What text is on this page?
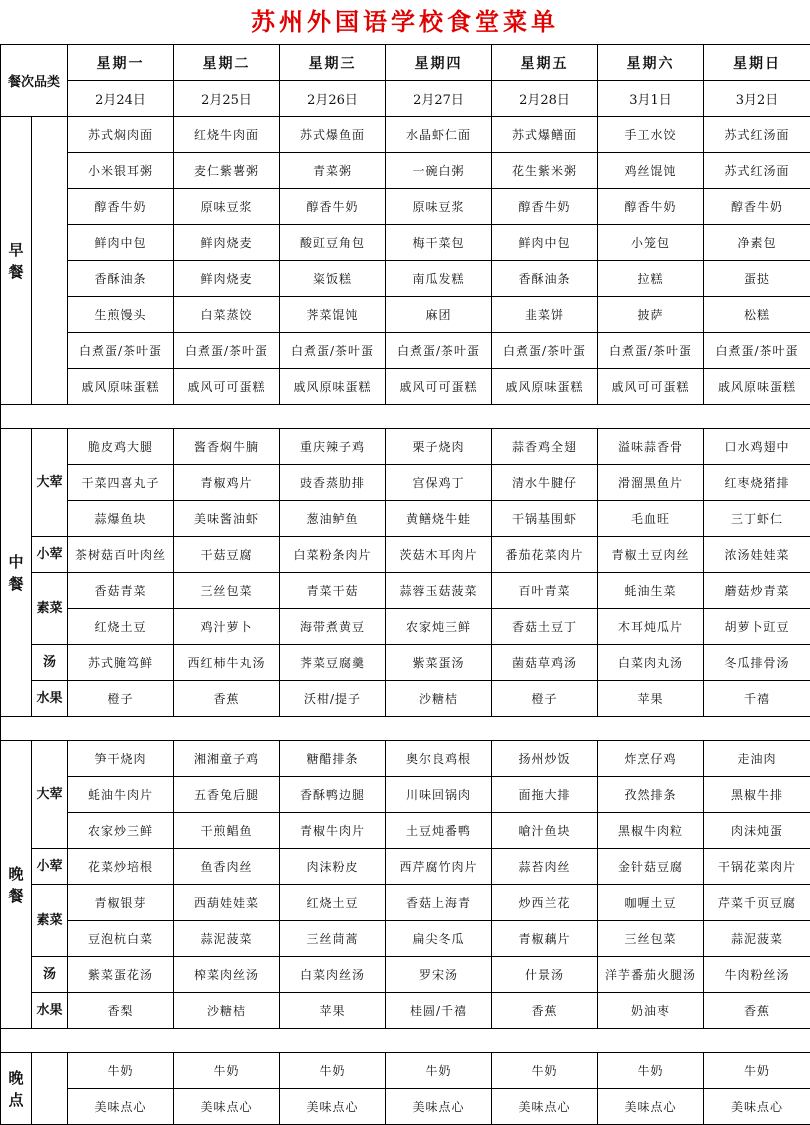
苏州外国语学校食堂菜单
餐次品类		星期一	星期二	星期三	星期四	星期五	星期六	星期日
		2月24日	2月25日	2月26日	2月27日	2月28日	3月1日	3月2日
早
餐		苏式焖肉面	红烧牛肉面	苏式爆鱼面	水晶虾仁面	苏式爆鳝面	手工水饺	苏式红汤面
		小米银耳粥	麦仁紫薯粥	青菜粥	一碗白粥	花生紫米粥	鸡丝馄饨	苏式红汤面
		醇香牛奶	原味豆浆	醇香牛奶	原味豆浆	醇香牛奶	醇香牛奶	醇香牛奶
		鲜肉中包	鲜肉烧麦	酸豇豆角包	梅干菜包	鲜肉中包	小笼包	净素包
		香酥油条	鲜肉烧麦	粢饭糕	南瓜发糕	香酥油条	拉糕	蛋挞
		生煎馒头	白菜蒸饺	荠菜馄饨	麻团	韭菜饼	披萨	松糕
		白煮蛋/茶叶蛋	白煮蛋/茶叶蛋	白煮蛋/茶叶蛋	白煮蛋/茶叶蛋	白煮蛋/茶叶蛋	白煮蛋/茶叶蛋	白煮蛋/茶叶蛋
		戚风原味蛋糕	戚风可可蛋糕	戚风原味蛋糕	戚风可可蛋糕	戚风原味蛋糕	戚风可可蛋糕	戚风原味蛋糕

中
餐	大荤	脆皮鸡大腿	酱香焖牛腩	重庆辣子鸡	栗子烧肉	蒜香鸡全翅	溢味蒜香骨	口水鸡翅中
		干菜四喜丸子	青椒鸡片	豉香蒸肋排	宫保鸡丁	清水牛腱仔	滑溜黑鱼片	红枣烧猪排
		蒜爆鱼块	美味酱油虾	葱油鲈鱼	黄鳝烧牛蛙	干锅基围虾	毛血旺	三丁虾仁
	小荤	茶树菇百叶肉丝	干菇豆腐	白菜粉条肉片	茨菇木耳肉片	番茄花菜肉片	青椒土豆肉丝	浓汤娃娃菜
	素菜	香菇青菜	三丝包菜	青菜干菇	蒜蓉玉菇菠菜	百叶青菜	蚝油生菜	蘑菇炒青菜
		红烧土豆	鸡汁萝卜	海带煮黄豆	农家炖三鲜	香菇土豆丁	木耳炖瓜片	胡萝卜豇豆
	汤	苏式腌笃鲜	西红柿牛丸汤	荠菜豆腐羹	紫菜蛋汤	菌菇草鸡汤	白菜肉丸汤	冬瓜排骨汤
	水果	橙子	香蕉	沃柑/提子	沙糖桔	橙子	苹果	千禧

晚
餐	大荤	笋干烧肉	湘湘童子鸡	糖醋排条	奥尔良鸡根	扬州炒饭	炸烹仔鸡	走油肉
		蚝油牛肉片	五香兔后腿	香酥鸭边腿	川味回锅肉	面拖大排	孜然排条	黑椒牛排
		农家炒三鲜	干煎鲳鱼	青椒牛肉片	土豆炖番鸭	嗆汁鱼块	黑椒牛肉粒	肉沫炖蛋
	小荤	花菜炒培根	鱼香肉丝	肉沫粉皮	西芹腐竹肉片	蒜苔肉丝	金针菇豆腐	干锅花菜肉片
	素菜	青椒银芽	西葫娃娃菜	红烧土豆	香菇上海青	炒西兰花	咖喱土豆	芹菜千页豆腐
		豆泡杭白菜	蒜泥菠菜	三丝茼蒿	扁尖冬瓜	青椒藕片	三丝包菜	蒜泥菠菜
	汤	紫菜蛋花汤	榨菜肉丝汤	白菜肉丝汤	罗宋汤	什景汤	洋芋番茄火腿汤	牛肉粉丝汤
	水果	香梨	沙糖桔	苹果	桂圆/千禧	香蕉	奶油枣	香蕉

晚
点		牛奶	牛奶	牛奶	牛奶	牛奶	牛奶	牛奶
		美味点心	美味点心	美味点心	美味点心	美味点心	美味点心	美味点心
